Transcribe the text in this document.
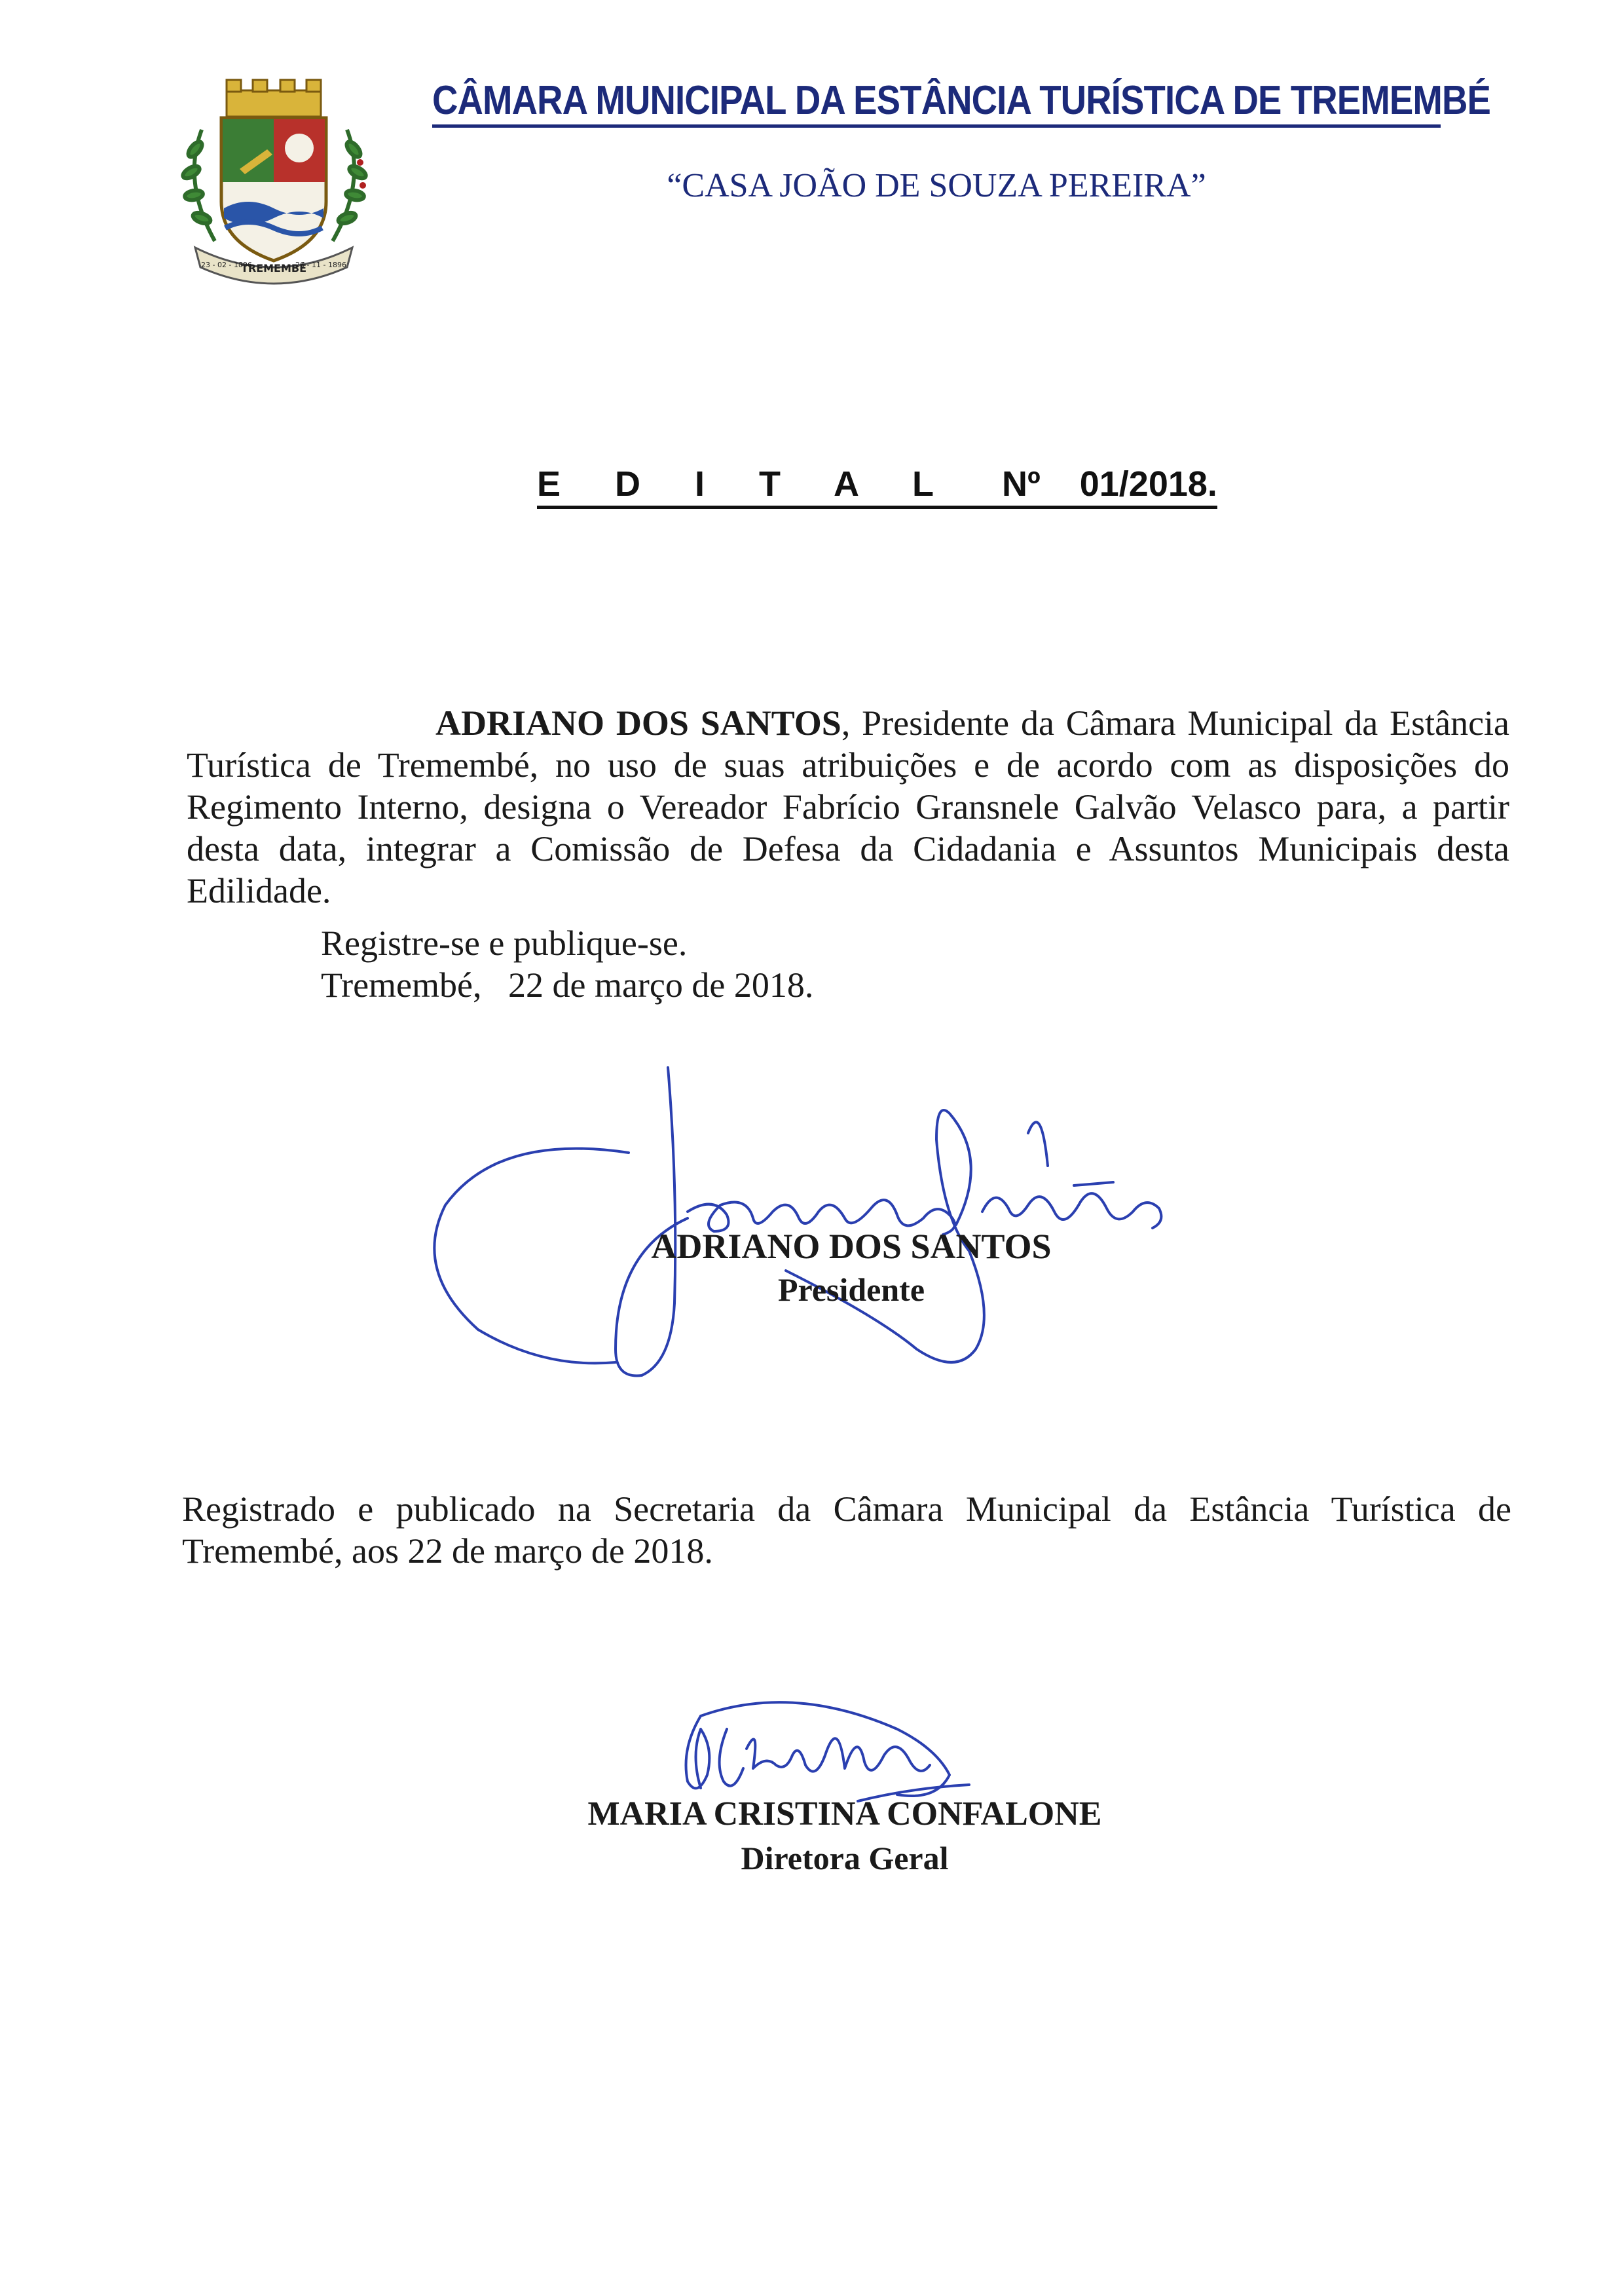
TREMEMBÉ
23 - 02 - 1896	26 - 11 - 1896
CÂMARA MUNICIPAL DA ESTÂNCIA TURÍSTICA DE TREMEMBÉ
“CASA JOÃO DE SOUZA PEREIRA”
E D I T A L Nº 01/2018.
ADRIANO DOS SANTOS, Presidente da Câmara Municipal da Estância Turística de Tremembé, no uso de suas atribuições e de acordo com as disposições do Regimento Interno, designa o Vereador Fabrício Gransnele Galvão Velasco para, a partir desta data, integrar a Comissão de Defesa da Cidadania e Assuntos Municipais desta Edilidade.
Registre-se e publique-se.
Tremembé,   22 de março de 2018.
ADRIANO DOS SANTOS
Presidente
Registrado e publicado na Secretaria da Câmara Municipal da Estância Turística de Tremembé, aos 22 de março de 2018.
MARIA CRISTINA CONFALONE
Diretora Geral
